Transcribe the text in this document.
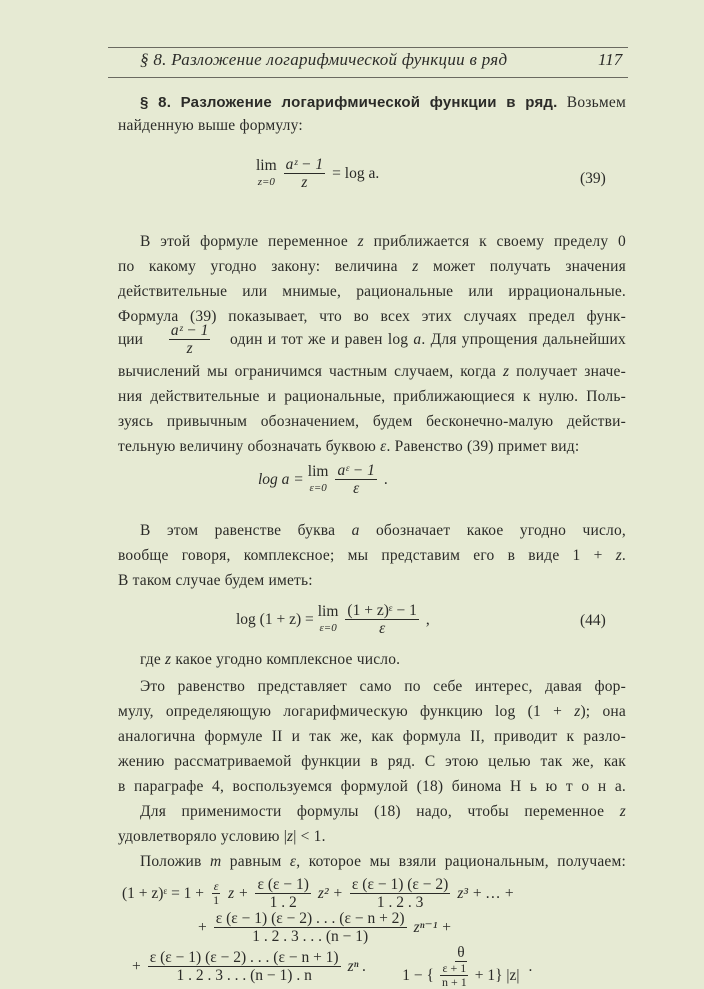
§ 8. Разложение логарифмической функции в ряд	117
§ 8. Разложение логарифмической функции в ряд. Возьмем
найденную выше формулу:
lim
$z=0 \frac{\text{aᶻ − 1}}{z} = \log a$.	(39)
В этой формуле переменное z приближается к своему пределу 0
по какому угодно закону: величина z может получать значения
действительные или мнимые, рациональные или иррациональные.
Формула (39) показывает, что во всех этих случаях предел функ-
ции $\frac{\text{aᶻ − 1}}{z}$ один и тот же и равен log a. Для упрощения дальнейших
вычислений мы ограничимся частным случаем, когда z получает значе-
ния действительные и рациональные, приближающиеся к нулю. Поль-
зуясь привычным обозначением, будем бесконечно-малую действи-
тельную величину обозначать буквою ε. Равенство (39) примет вид:
log a = lim
$\varepsilon=0 \frac{\text{aᵋ − 1}}{\varepsilon}$ .
В этом равенстве буква a обозначает какое угодно число,
вообще говоря, комплексное; мы представим его в виде 1 + z.
В таком случае будем иметь:
log (1 + z) = lim
$\varepsilon=0 \frac{\text{(1 + z)ᵋ − 1}}{\varepsilon}$ ,	(44)
где z какое угодно комплексное число.
Это равенство представляет само по себе интерес, давая фор-
мулу, определяющую логарифмическую функцию log (1 + z); она
аналогична формуле II и так же, как формула II, приводит к разло-
жению рассматриваемой функции в ряд. С этою целью так же, как
в параграфе 4, воспользуемся формулой (18) бинома Н ь ю т о н а.
Для применимости формулы (18) надо, чтобы переменное z
удовлетворяло условию |z| < 1.
Положив m равным ε, которое мы взяли рациональным, получаем:
(1 + z)ᵋ = $1 + \frac{\varepsilon}{1}$ $z + \frac{\varepsilon (\varepsilon - 1)}{1 . 2} z^2 + \frac{\varepsilon (\varepsilon - 1) (\varepsilon - 2)}{1 . 2 . 3} z^3$ + … +
+ $\frac{\varepsilon (\varepsilon - 1) (\varepsilon - 2) . . . (\varepsilon - n + 2)}{1 . 2 . 3 . . . (n - 1)} z^{n-1}$ +
+ $\frac{\varepsilon (\varepsilon - 1) (\varepsilon - 2) . . . (\varepsilon - n + 1)}{1 . 2 . 3 . . . (n - 1) . n}$ zⁿ . $\frac{\theta}{1 - \{ \frac{\varepsilon + 1}{n + 1} + 1\} |z|}$ .
